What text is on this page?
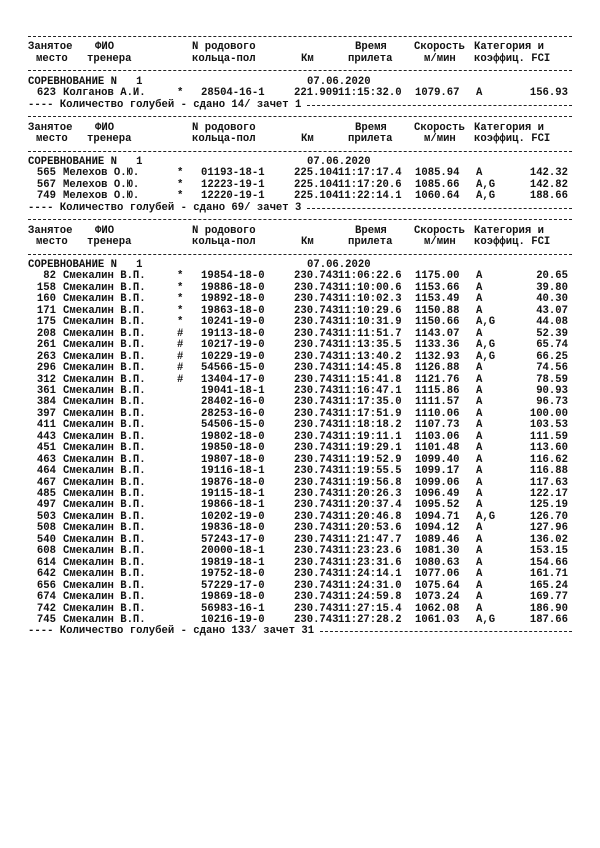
Занятое ФИО	N родового	Время	Скорость Категория и
место тренера	кольца-пол	Км	прилета	м/мин коэффиц. FCI
СОРЕВНОВАНИЕ N   1	07.06.2020
623 Колганов А.И.	* 28504-16-1	221.909 11:15:32.0 1079.67 A	156.93
---- Количество голубей - сдано 14/ зачет 1
Занятое ФИО	N родового	Время	Скорость Категория и
место тренера	кольца-пол	Км	прилета	м/мин коэффиц. FCI
СОРЕВНОВАНИЕ N   1	07.06.2020
565 Мелехов О.Ю.	* 01193-18-1	225.104 11:17:17.4 1085.94 A	142.32
567 Мелехов О.Ю.	* 12223-19-1	225.104 11:17:20.6 1085.66 A,G	142.82
749 Мелехов О.Ю.	* 12220-19-1	225.104 11:22:14.1 1060.64 A,G	188.66
---- Количество голубей - сдано 69/ зачет 3
Занятое ФИО	N родового	Время	Скорость Категория и
место тренера	кольца-пол	Км	прилета	м/мин коэффиц. FCI
СОРЕВНОВАНИЕ N   1	07.06.2020
82 Смекалин В.П.	* 19854-18-0	230.743 11:06:22.6 1175.00 A	20.65
158 Смекалин В.П.	* 19886-18-0	230.743 11:10:00.6 1153.66 A	39.80
160 Смекалин В.П.	* 19892-18-0	230.743 11:10:02.3 1153.49 A	40.30
171 Смекалин В.П.	* 19863-18-0	230.743 11:10:29.6 1150.88 A	43.07
175 Смекалин В.П.	* 10241-19-0	230.743 11:10:31.9 1150.66 A,G	44.08
208 Смекалин В.П.	# 19113-18-0	230.743 11:11:51.7 1143.07 A	52.39
261 Смекалин В.П.	# 10217-19-0	230.743 11:13:35.5 1133.36 A,G	65.74
263 Смекалин В.П.	# 10229-19-0	230.743 11:13:40.2 1132.93 A,G	66.25
296 Смекалин В.П.	# 54566-15-0	230.743 11:14:45.8 1126.88 A	74.56
312 Смекалин В.П.	# 13404-17-0	230.743 11:15:41.8 1121.76 A	78.59
361 Смекалин В.П.	19041-18-1	230.743 11:16:47.1 1115.86 A	90.93
384 Смекалин В.П.	28402-16-0	230.743 11:17:35.0 1111.57 A	96.73
397 Смекалин В.П.	28253-16-0	230.743 11:17:51.9 1110.06 A	100.00
411 Смекалин В.П.	54506-15-0	230.743 11:18:18.2 1107.73 A	103.53
443 Смекалин В.П.	19802-18-0	230.743 11:19:11.1 1103.06 A	111.59
451 Смекалин В.П.	19850-18-0	230.743 11:19:29.1 1101.48 A	113.60
463 Смекалин В.П.	19807-18-0	230.743 11:19:52.9 1099.40 A	116.62
464 Смекалин В.П.	19116-18-1	230.743 11:19:55.5 1099.17 A	116.88
467 Смекалин В.П.	19876-18-0	230.743 11:19:56.8 1099.06 A	117.63
485 Смекалин В.П.	19115-18-1	230.743 11:20:26.3 1096.49 A	122.17
497 Смекалин В.П.	19866-18-1	230.743 11:20:37.4 1095.52 A	125.19
503 Смекалин В.П.	10202-19-0	230.743 11:20:46.8 1094.71 A,G	126.70
508 Смекалин В.П.	19836-18-0	230.743 11:20:53.6 1094.12 A	127.96
540 Смекалин В.П.	57243-17-0	230.743 11:21:47.7 1089.46 A	136.02
608 Смекалин В.П.	20000-18-1	230.743 11:23:23.6 1081.30 A	153.15
614 Смекалин В.П.	19819-18-1	230.743 11:23:31.6 1080.63 A	154.66
642 Смекалин В.П.	19752-18-0	230.743 11:24:14.1 1077.06 A	161.71
656 Смекалин В.П.	57229-17-0	230.743 11:24:31.0 1075.64 A	165.24
674 Смекалин В.П.	19869-18-0	230.743 11:24:59.8 1073.24 A	169.77
742 Смекалин В.П.	56983-16-1	230.743 11:27:15.4 1062.08 A	186.90
745 Смекалин В.П.	10216-19-0	230.743 11:27:28.2 1061.03 A,G	187.66
---- Количество голубей - сдано 133/ зачет 31
